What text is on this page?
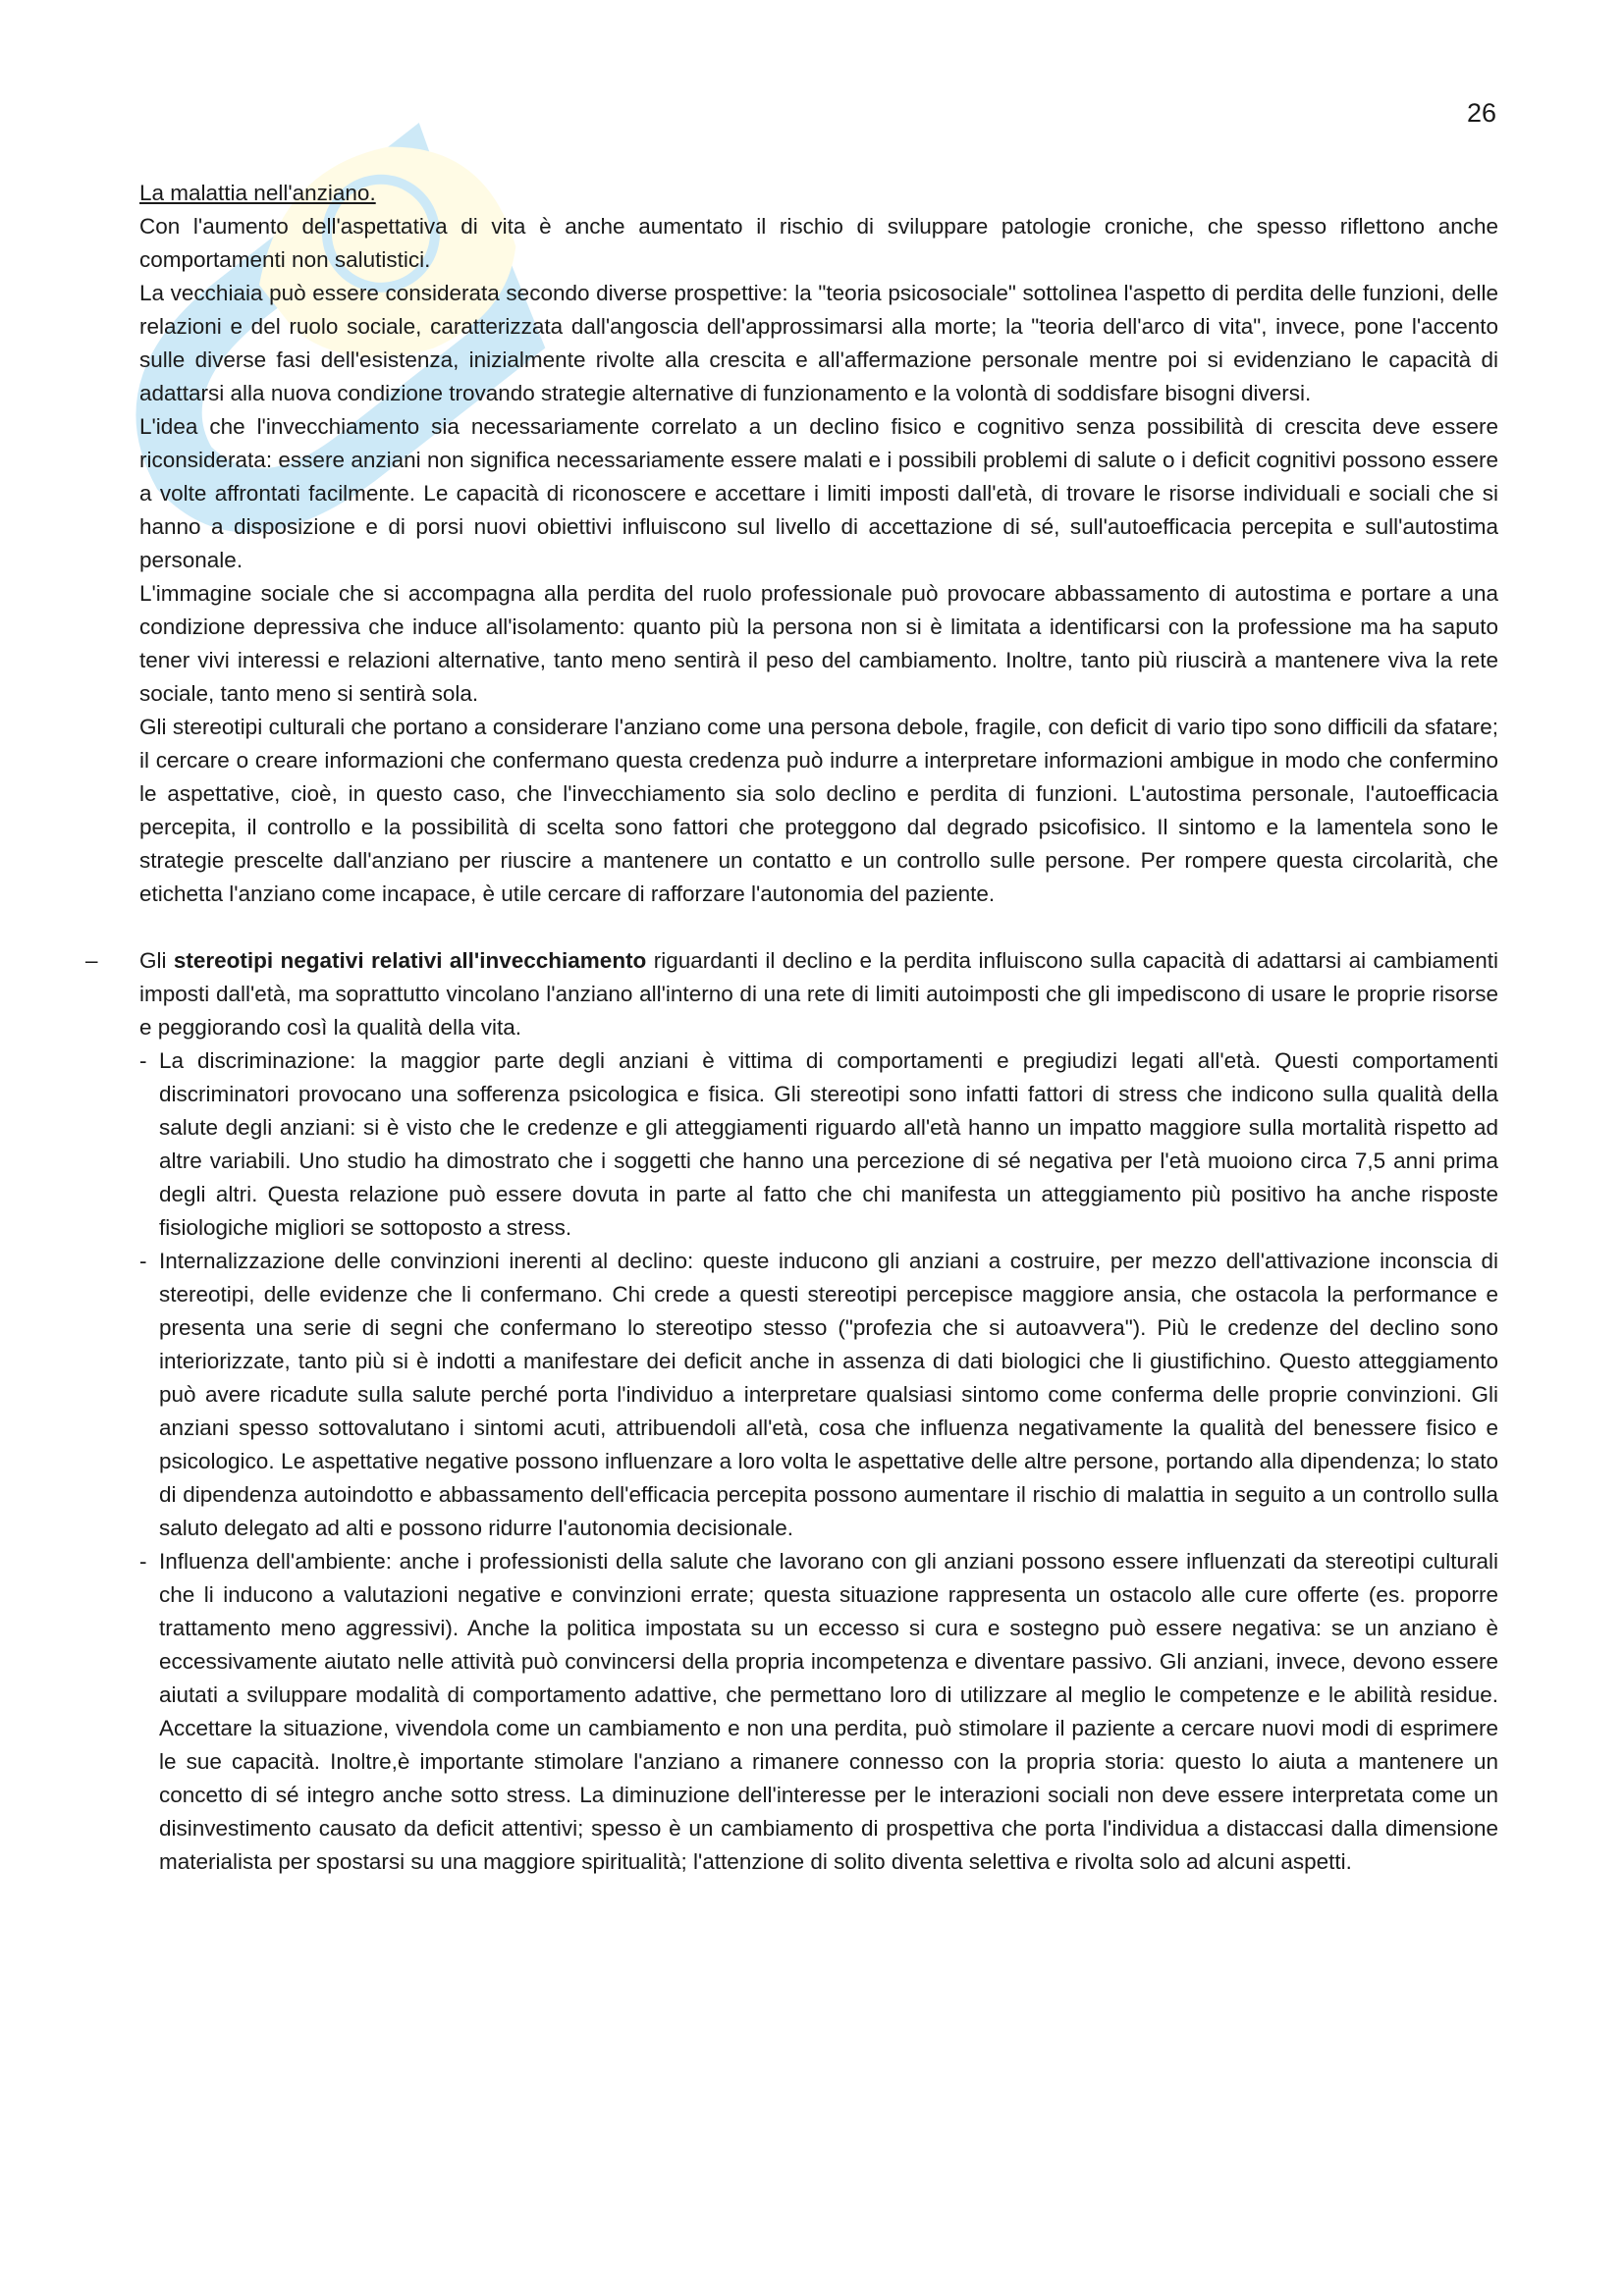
26

La malattia nell'anziano.

Con l'aumento dell'aspettativa di vita è anche aumentato il rischio di sviluppare patologie croniche, che spesso riflettono anche comportamenti non salutistici.

La vecchiaia può essere considerata secondo diverse prospettive: la "teoria psicosociale" sottolinea l'aspetto di perdita delle funzioni, delle relazioni e del ruolo sociale, caratterizzata dall'angoscia dell'approssimarsi alla morte; la "teoria dell'arco di vita", invece, pone l'accento sulle diverse fasi dell'esistenza, inizialmente rivolte alla crescita e all'affermazione personale mentre poi si evidenziano le capacità di adattarsi alla nuova condizione trovando strategie alternative di funzionamento e la volontà di soddisfare bisogni diversi.

L'idea che l'invecchiamento sia necessariamente correlato a un declino fisico e cognitivo senza possibilità di crescita deve essere riconsiderata: essere anziani non significa necessariamente essere malati e i possibili problemi di salute o i deficit cognitivi possono essere a volte affrontati facilmente. Le capacità di riconoscere e accettare i limiti imposti dall'età, di trovare le risorse individuali e sociali che si hanno a disposizione e di porsi nuovi obiettivi influiscono sul livello di accettazione di sé, sull'autoefficacia percepita e sull'autostima personale.

L'immagine sociale che si accompagna alla perdita del ruolo professionale può provocare abbassamento di autostima e portare a una condizione depressiva che induce all'isolamento: quanto più la persona non si è limitata a identificarsi con la professione ma ha saputo tener vivi interessi e relazioni alternative, tanto meno sentirà il peso del cambiamento. Inoltre, tanto più riuscirà a mantenere viva la rete sociale, tanto meno si sentirà sola.

Gli stereotipi culturali che portano a considerare l'anziano come una persona debole, fragile, con deficit di vario tipo sono difficili da sfatare; il cercare o creare informazioni che confermano questa credenza può indurre a interpretare informazioni ambigue in modo che confermino le aspettative, cioè, in questo caso, che l'invecchiamento sia solo declino e perdita di funzioni. L'autostima personale, l'autoefficacia percepita, il controllo e la possibilità di scelta sono fattori che proteggono dal degrado psicofisico. Il sintomo e la lamentela sono le strategie prescelte dall'anziano per riuscire a mantenere un contatto e un controllo sulle persone. Per rompere questa circolarità, che etichetta l'anziano come incapace, è utile cercare di rafforzare l'autonomia del paziente.

– Gli stereotipi negativi relativi all'invecchiamento riguardanti il declino e la perdita influiscono sulla capacità di adattarsi ai cambiamenti imposti dall'età, ma soprattutto vincolano l'anziano all'interno di una rete di limiti autoimposti che gli impediscono di usare le proprie risorse e peggiorando così la qualità della vita.

- La discriminazione: la maggior parte degli anziani è vittima di comportamenti e pregiudizi legati all'età. Questi comportamenti discriminatori provocano una sofferenza psicologica e fisica. Gli stereotipi sono infatti fattori di stress che indicono sulla qualità della salute degli anziani: si è visto che le credenze e gli atteggiamenti riguardo all'età hanno un impatto maggiore sulla mortalità rispetto ad altre variabili. Uno studio ha dimostrato che i soggetti che hanno una percezione di sé negativa per l'età muoiono circa 7,5 anni prima degli altri. Questa relazione può essere dovuta in parte al fatto che chi manifesta un atteggiamento più positivo ha anche risposte fisiologiche migliori se sottoposto a stress.
- Internalizzazione delle convinzioni inerenti al declino: queste inducono gli anziani a costruire, per mezzo dell'attivazione inconscia di stereotipi, delle evidenze che li confermano. Chi crede a questi stereotipi percepisce maggiore ansia, che ostacola la performance e presenta una serie di segni che confermano lo stereotipo stesso ("profezia che si autoavvera"). Più le credenze del declino sono interiorizzate, tanto più si è indotti a manifestare dei deficit anche in assenza di dati biologici che li giustifichino. Questo atteggiamento può avere ricadute sulla salute perché porta l'individuo a interpretare qualsiasi sintomo come conferma delle proprie convinzioni. Gli anziani spesso sottovalutano i sintomi acuti, attribuendoli all'età, cosa che influenza negativamente la qualità del benessere fisico e psicologico. Le aspettative negative possono influenzare a loro volta le aspettative delle altre persone, portando alla dipendenza; lo stato di dipendenza autoindotto e abbassamento dell'efficacia percepita possono aumentare il rischio di malattia in seguito a un controllo sulla saluto delegato ad alti e possono ridurre l'autonomia decisionale.
- Influenza dell'ambiente: anche i professionisti della salute che lavorano con gli anziani possono essere influenzati da stereotipi culturali che li inducono a valutazioni negative e convinzioni errate; questa situazione rappresenta un ostacolo alle cure offerte (es. proporre trattamento meno aggressivi). Anche la politica impostata su un eccesso si cura e sostegno può essere negativa: se un anziano è eccessivamente aiutato nelle attività può convincersi della propria incompetenza e diventare passivo. Gli anziani, invece, devono essere aiutati a sviluppare modalità di comportamento adattive, che permettano loro di utilizzare al meglio le competenze e le abilità residue. Accettare la situazione, vivendola come un cambiamento e non una perdita, può stimolare il paziente a cercare nuovi modi di esprimere le sue capacità. Inoltre,è importante stimolare l'anziano a rimanere connesso con la propria storia: questo lo aiuta a mantenere un concetto di sé integro anche sotto stress. La diminuzione dell'interesse per le interazioni sociali non deve essere interpretata come un disinvestimento causato da deficit attentivi; spesso è un cambiamento di prospettiva che porta l'individua a distaccasi dalla dimensione materialista per spostarsi su una maggiore spiritualità; l'attenzione di solito diventa selettiva e rivolta solo ad alcuni aspetti.
